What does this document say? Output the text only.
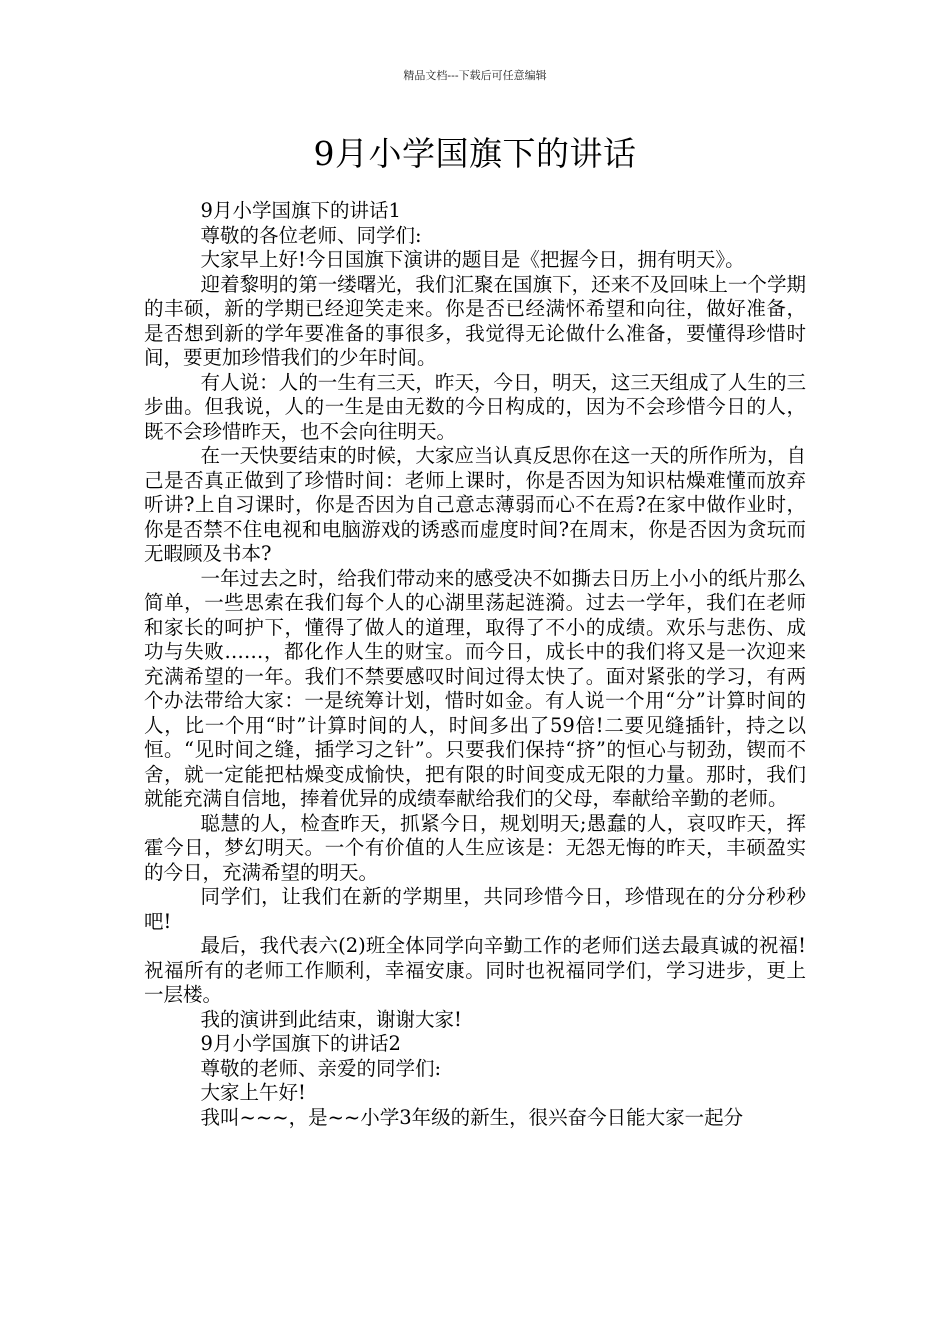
精品文档---下载后可任意编辑
9月小学国旗下的讲话

9月小学国旗下的讲话1

尊敬的各位老师、同学们:

大家早上好!今日国旗下演讲的题目是《把握今日，拥有明天》。

迎着黎明的第一缕曙光，我们汇聚在国旗下，还来不及回味上一个学期的丰硕，新的学期已经迎笑走来。你是否已经满怀希望和向往，做好准备，是否想到新的学年要准备的事很多，我觉得无论做什么准备，要懂得珍惜时间，要更加珍惜我们的少年时间。

有人说：人的一生有三天，昨天，今日，明天，这三天组成了人生的三步曲。但我说，人的一生是由无数的今日构成的，因为不会珍惜今日的人，既不会珍惜昨天，也不会向往明天。

在一天快要结束的时候，大家应当认真反思你在这一天的所作所为，自己是否真正做到了珍惜时间：老师上课时，你是否因为知识枯燥难懂而放弃听讲?上自习课时，你是否因为自己意志薄弱而心不在焉?在家中做作业时，你是否禁不住电视和电脑游戏的诱惑而虚度时间?在周末，你是否因为贪玩而无暇顾及书本?

一年过去之时，给我们带动来的感受决不如撕去日历上小小的纸片那么简单，一些思索在我们每个人的心湖里荡起涟漪。过去一学年，我们在老师和家长的呵护下，懂得了做人的道理，取得了不小的成绩。欢乐与悲伤、成功与失败……，都化作人生的财宝。而今日，成长中的我们将又是一次迎来充满希望的一年。我们不禁要感叹时间过得太快了。面对紧张的学习，有两个办法带给大家：一是统筹计划，惜时如金。有人说一个用“分”计算时间的人，比一个用“时”计算时间的人，时间多出了59倍!二要见缝插针，持之以恒。“见时间之缝，插学习之针”。只要我们保持“挤”的恒心与韧劲，锲而不舍，就一定能把枯燥变成愉快，把有限的时间变成无限的力量。那时，我们就能充满自信地，捧着优异的成绩奉献给我们的父母，奉献给辛勤的老师。

聪慧的人，检查昨天，抓紧今日，规划明天;愚蠢的人，哀叹昨天，挥霍今日，梦幻明天。一个有价值的人生应该是：无怨无悔的昨天，丰硕盈实的今日，充满希望的明天。

同学们，让我们在新的学期里，共同珍惜今日，珍惜现在的分分秒秒吧!

最后，我代表六(2)班全体同学向辛勤工作的老师们送去最真诚的祝福!祝福所有的老师工作顺利，幸福安康。同时也祝福同学们，学习进步，更上一层楼。

我的演讲到此结束，谢谢大家!

9月小学国旗下的讲话2

尊敬的老师、亲爱的同学们:

大家上午好!

我叫~~~，是~~小学3年级的新生，很兴奋今日能大家一起分
